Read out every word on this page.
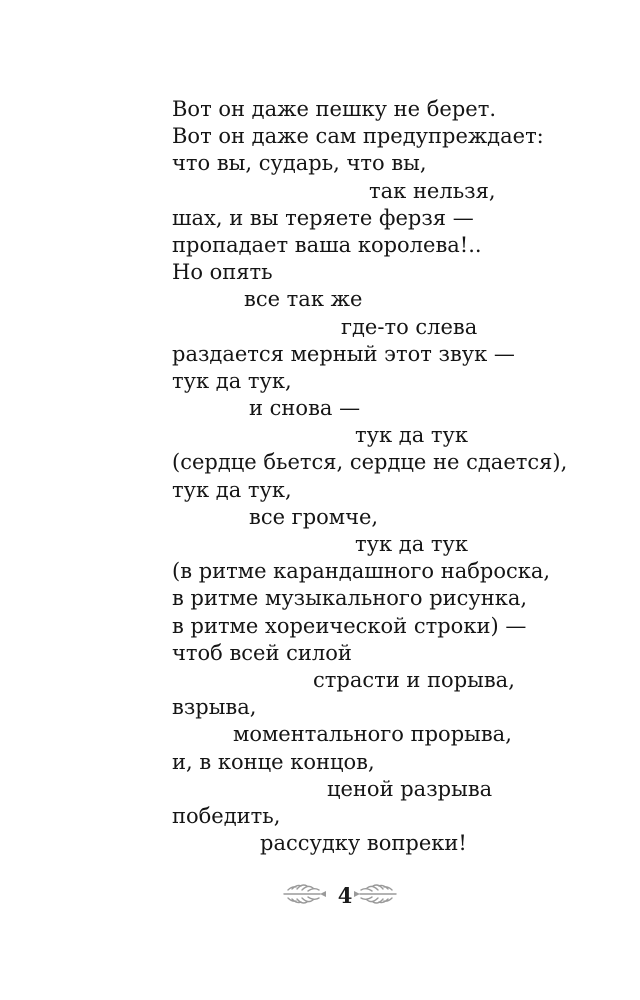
Вот он даже пешку не берет.
Вот он даже сам предупреждает:
что вы, сударь, что вы,
так нельзя,
шах, и вы теряете ферзя —
пропадает ваша королева!..
Но опять
все так же
где-то слева
раздается мерный этот звук —
тук да тук,
и снова —
тук да тук
(сердце бьется, сердце не сдается),
тук да тук,
все громче,
тук да тук
(в ритме карандашного наброска,
в ритме музыкального рисунка,
в ритме хореической строки) —
чтоб всей силой
страсти и порыва,
взрыва,
моментального прорыва,
и, в конце концов,
ценой разрыва
победить,
рассудку вопреки!
4
